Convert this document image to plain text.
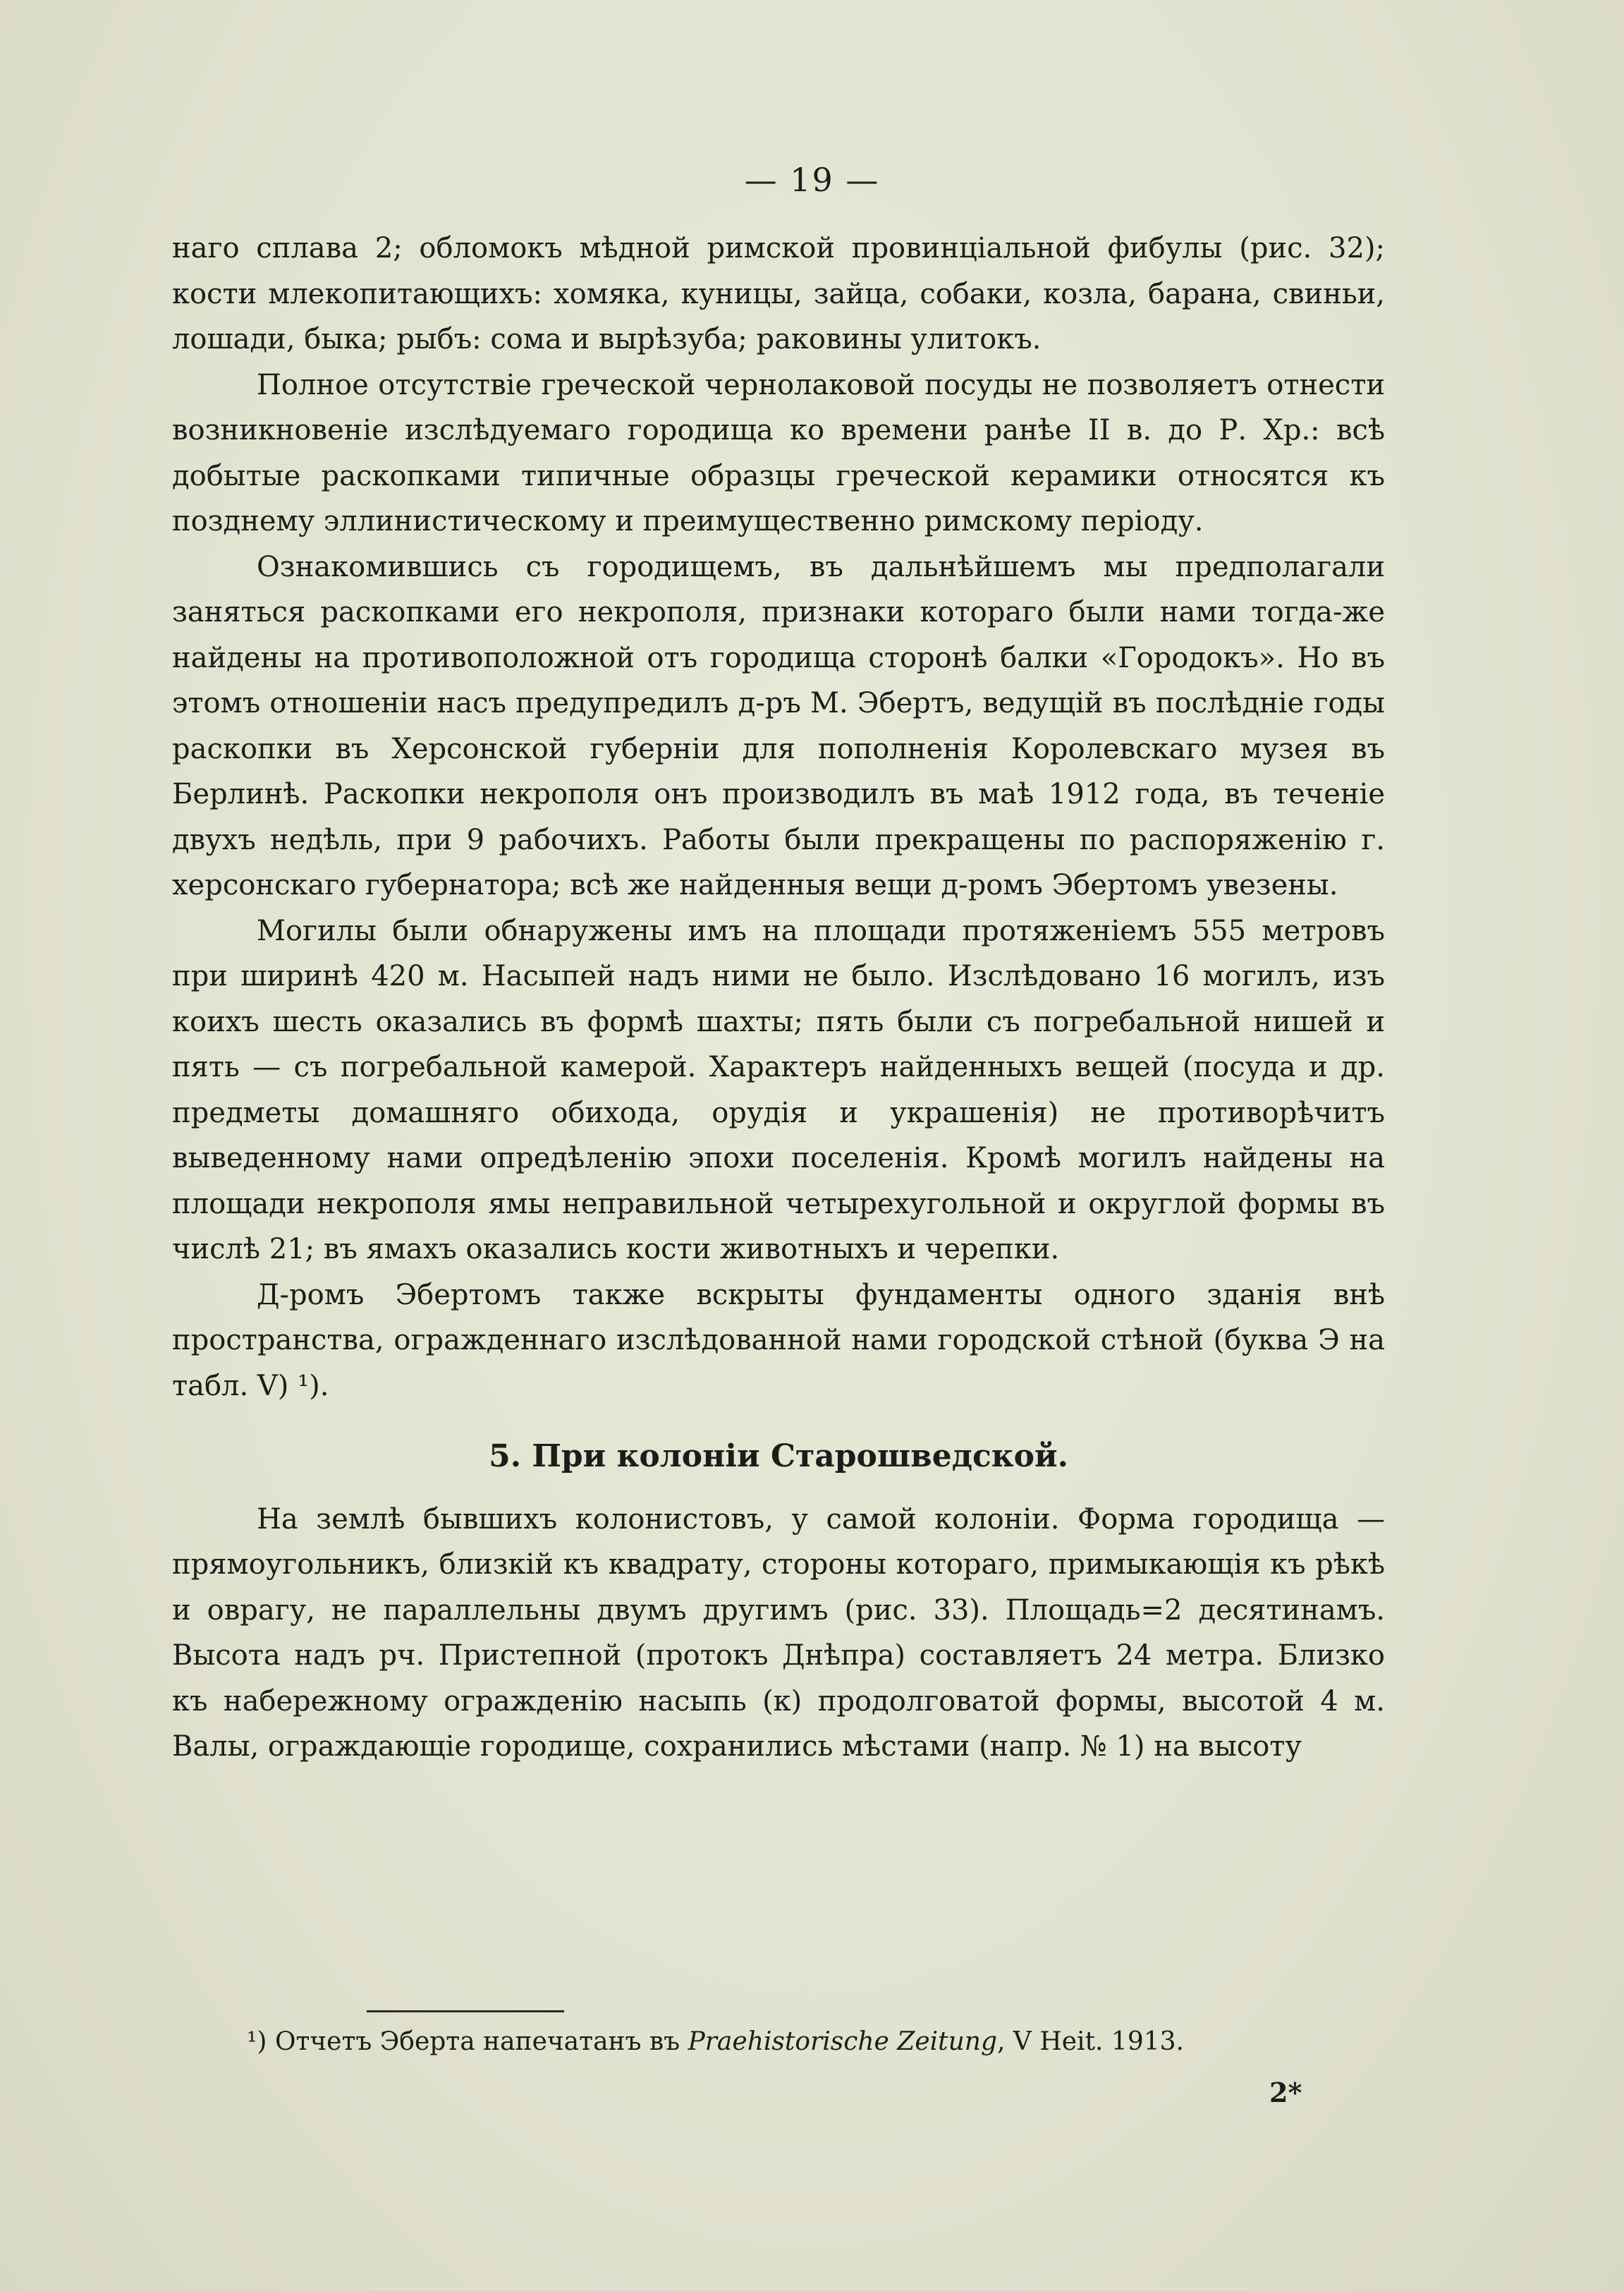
— 19 —

наго сплава 2; обломокъ мѣдной римской провинціальной фибулы (рис. 32); кости млекопитающихъ: хомяка, куницы, зайца, собаки, козла, барана, свиньи, лошади, быка; рыбъ: сома и вырѣзуба; раковины улитокъ.

Полное отсутствіе греческой чернолаковой посуды не позволяетъ отнести возникновеніе изслѣдуемаго городища ко времени ранѣе II в. до Р. Хр.: всѣ добытые раскопками типичные образцы греческой керамики относятся къ позднему эллинистическому и преимущественно римскому періоду.

Ознакомившись съ городищемъ, въ дальнѣйшемъ мы предполагали заняться раскопками его некрополя, признаки котораго были нами тогда-же найдены на противоположной отъ городища сторонѣ балки «Городокъ». Но въ этомъ отношеніи насъ предупредилъ д-ръ М. Эбертъ, ведущій въ послѣдніе годы раскопки въ Херсонской губерніи для пополненія Королевскаго музея въ Берлинѣ. Раскопки некрополя онъ производилъ въ маѣ 1912 года, въ теченіе двухъ недѣль, при 9 рабочихъ. Работы были прекращены по распоряженію г. херсонскаго губернатора; всѣ же найденныя вещи д-ромъ Эбертомъ увезены.

Могилы были обнаружены имъ на площади протяженіемъ 555 метровъ при ширинѣ 420 м. Насыпей надъ ними не было. Изслѣдовано 16 могилъ, изъ коихъ шесть оказались въ формѣ шахты; пять были съ погребальной нишей и пять — съ погребальной камерой. Характеръ найденныхъ вещей (посуда и др. предметы домашняго обихода, орудія и украшенія) не противорѣчитъ выведенному нами опредѣленію эпохи поселенія. Кромѣ могилъ найдены на площади некрополя ямы неправильной четырехугольной и округлой формы въ числѣ 21; въ ямахъ оказались кости животныхъ и черепки.

Д-ромъ Эбертомъ также вскрыты фундаменты одного зданія внѣ пространства, огражденнаго изслѣдованной нами городской стѣной (буква Э на табл. V) ¹).

5. При колоніи Старошведской.

На землѣ бывшихъ колонистовъ, у самой колоніи. Форма городища — прямоугольникъ, близкій къ квадрату, стороны котораго, примыкающія къ рѣкѣ и оврагу, не параллельны двумъ другимъ (рис. 33). Площадь=2 десятинамъ. Высота надъ рч. Пристепной (протокъ Днѣпра) составляетъ 24 метра. Близко къ набережному огражденію насыпь (к) продолговатой формы, высотой 4 м. Валы, ограждающіе городище, сохранились мѣстами (напр. № 1) на высоту

¹) Отчетъ Эберта напечатанъ въ Praehistorische Zeitung, V Heit. 1913.
2*
